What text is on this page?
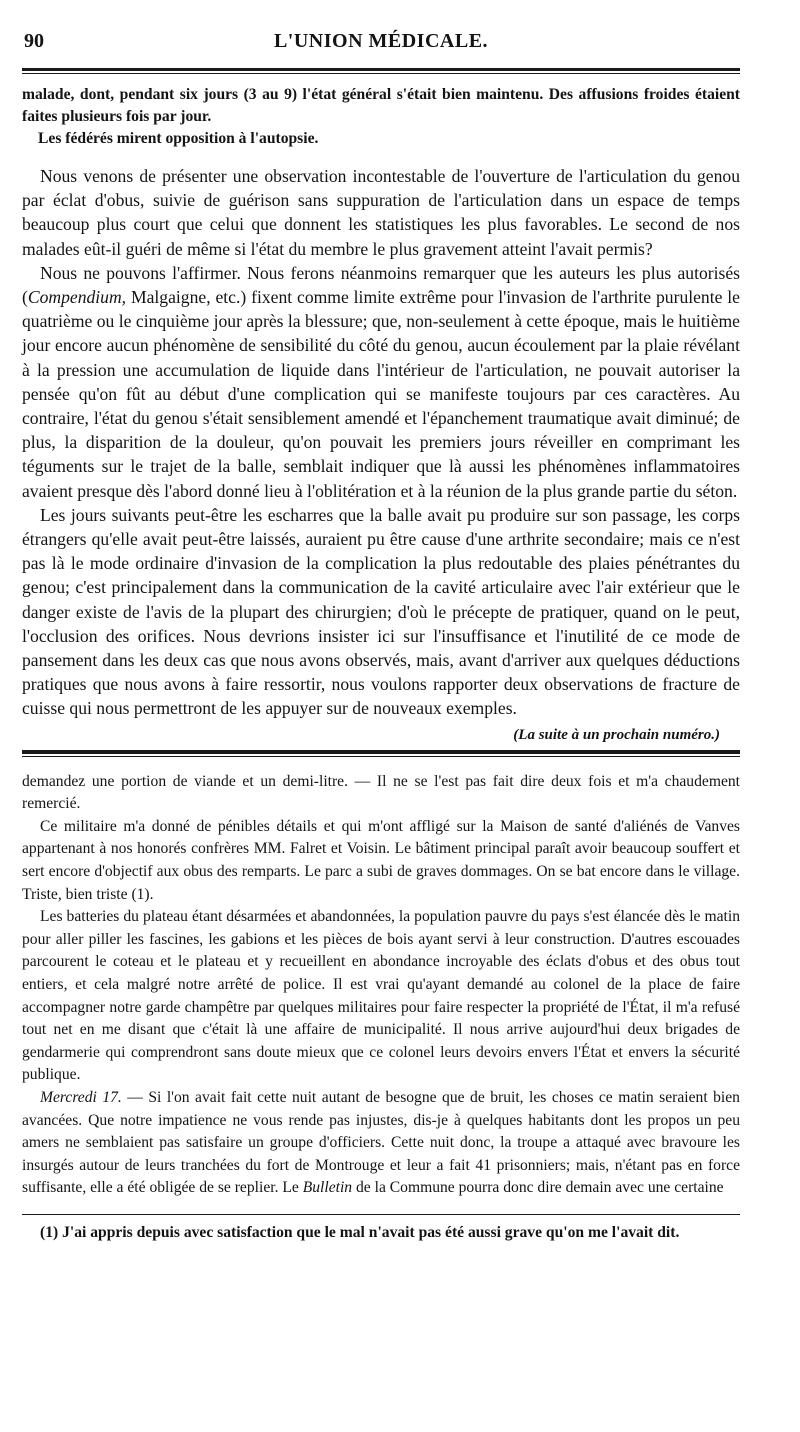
90	L'UNION MÉDICALE.

malade, dont, pendant six jours (3 au 9) l'état général s'était bien maintenu. Des affusions froides étaient faites plusieurs fois par jour.

Les fédérés mirent opposition à l'autopsie.

Nous venons de présenter une observation incontestable de l'ouverture de l'articulation du genou par éclat d'obus, suivie de guérison sans suppuration de l'articulation dans un espace de temps beaucoup plus court que celui que donnent les statistiques les plus favorables. Le second de nos malades eût-il guéri de même si l'état du membre le plus gravement atteint l'avait permis?

Nous ne pouvons l'affirmer. Nous ferons néanmoins remarquer que les auteurs les plus autorisés (Compendium, Malgaigne, etc.) fixent comme limite extrême pour l'invasion de l'arthrite purulente le quatrième ou le cinquième jour après la blessure; que, non-seulement à cette époque, mais le huitième jour encore aucun phénomène de sensibilité du côté du genou, aucun écoulement par la plaie révélant à la pression une accumulation de liquide dans l'intérieur de l'articulation, ne pouvait autoriser la pensée qu'on fût au début d'une complication qui se manifeste toujours par ces caractères. Au contraire, l'état du genou s'était sensiblement amendé et l'épanchement traumatique avait diminué; de plus, la disparition de la douleur, qu'on pouvait les premiers jours réveiller en comprimant les téguments sur le trajet de la balle, semblait indiquer que là aussi les phénomènes inflammatoires avaient presque dès l'abord donné lieu à l'oblitération et à la réunion de la plus grande partie du séton.

Les jours suivants peut-être les escharres que la balle avait pu produire sur son passage, les corps étrangers qu'elle avait peut-être laissés, auraient pu être cause d'une arthrite secondaire; mais ce n'est pas là le mode ordinaire d'invasion de la complication la plus redoutable des plaies pénétrantes du genou; c'est principalement dans la communication de la cavité articulaire avec l'air extérieur que le danger existe de l'avis de la plupart des chirurgien; d'où le précepte de pratiquer, quand on le peut, l'occlusion des orifices. Nous devrions insister ici sur l'insuffisance et l'inutilité de ce mode de pansement dans les deux cas que nous avons observés, mais, avant d'arriver aux quelques déductions pratiques que nous avons à faire ressortir, nous voulons rapporter deux observations de fracture de cuisse qui nous permettront de les appuyer sur de nouveaux exemples.

(La suite à un prochain numéro.)

demandez une portion de viande et un demi-litre. — Il ne se l'est pas fait dire deux fois et m'a chaudement remercié.

Ce militaire m'a donné de pénibles détails et qui m'ont affligé sur la Maison de santé d'aliénés de Vanves appartenant à nos honorés confrères MM. Falret et Voisin. Le bâtiment principal paraît avoir beaucoup souffert et sert encore d'objectif aux obus des remparts. Le parc a subi de graves dommages. On se bat encore dans le village. Triste, bien triste (1).

Les batteries du plateau étant désarmées et abandonnées, la population pauvre du pays s'est élancée dès le matin pour aller piller les fascines, les gabions et les pièces de bois ayant servi à leur construction. D'autres escouades parcourent le coteau et le plateau et y recueillent en abondance incroyable des éclats d'obus et des obus tout entiers, et cela malgré notre arrêté de police. Il est vrai qu'ayant demandé au colonel de la place de faire accompagner notre garde champêtre par quelques militaires pour faire respecter la propriété de l'État, il m'a refusé tout net en me disant que c'était là une affaire de municipalité. Il nous arrive aujourd'hui deux brigades de gendarmerie qui comprendront sans doute mieux que ce colonel leurs devoirs envers l'État et envers la sécurité publique.

Mercredi 17. — Si l'on avait fait cette nuit autant de besogne que de bruit, les choses ce matin seraient bien avancées. Que notre impatience ne vous rende pas injustes, dis-je à quelques habitants dont les propos un peu amers ne semblaient pas satisfaire un groupe d'officiers. Cette nuit donc, la troupe a attaqué avec bravoure les insurgés autour de leurs tranchées du fort de Montrouge et leur a fait 41 prisonniers; mais, n'étant pas en force suffisante, elle a été obligée de se replier. Le Bulletin de la Commune pourra donc dire demain avec une certaine

(1) J'ai appris depuis avec satisfaction que le mal n'avait pas été aussi grave qu'on me l'avait dit.
